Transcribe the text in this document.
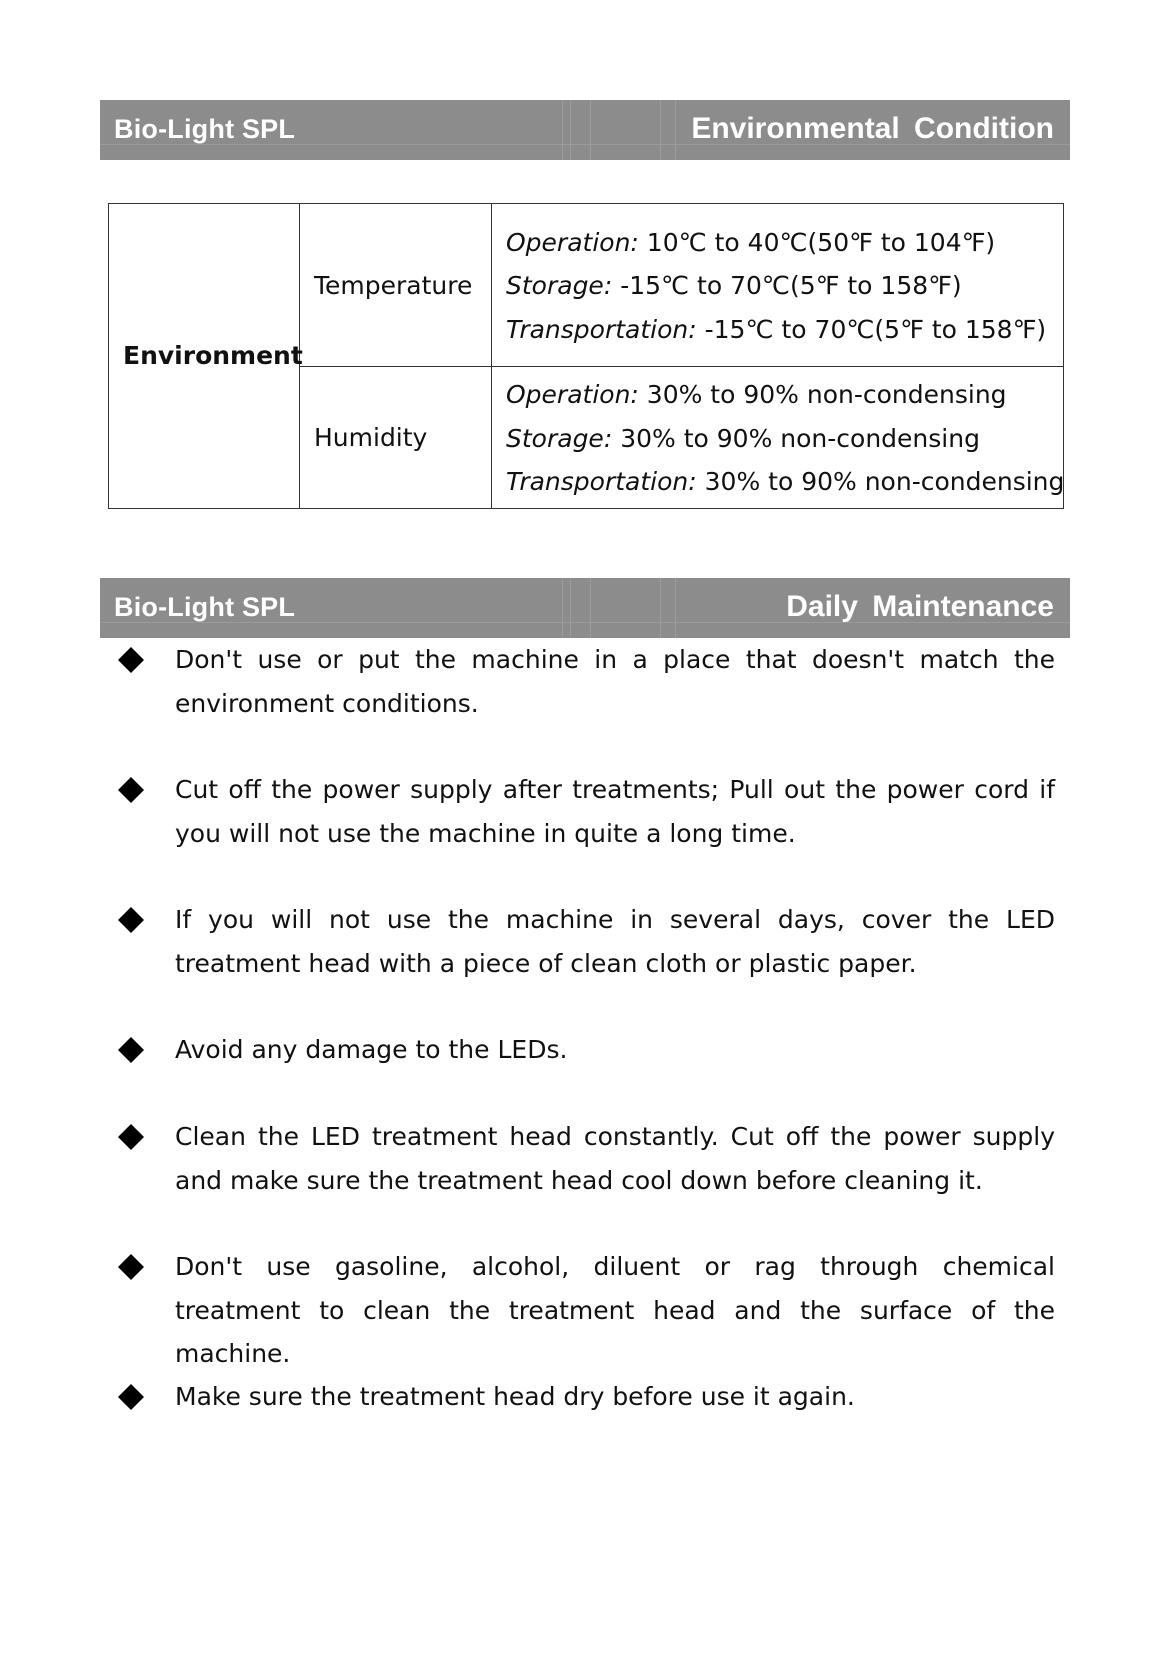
Bio-Light SPL	Environmental Condition
Environment	Temperature	Operation: 10℃ to 40℃(50℉ to 104℉)
Storage: -15℃ to 70℃(5℉ to 158℉)
Transportation: -15℃ to 70℃(5℉ to 158℉)

	Humidity	Operation: 30% to 90% non-condensing
Storage: 30% to 90% non-condensing
Transportation: 30% to 90% non-condensing
Bio-Light SPL	Daily Maintenance
Don't use or put the machine in a place that doesn't match the environment conditions.
Cut off the power supply after treatments; Pull out the power cord if you will not use the machine in quite a long time.
If you will not use the machine in several days, cover the LED treatment head with a piece of clean cloth or plastic paper.
Avoid any damage to the LEDs.
Clean the LED treatment head constantly. Cut off the power supply and make sure the treatment head cool down before cleaning it.
Don't use gasoline, alcohol, diluent or rag through chemical treatment to clean the treatment head and the surface of the machine.
Make sure the treatment head dry before use it again.
